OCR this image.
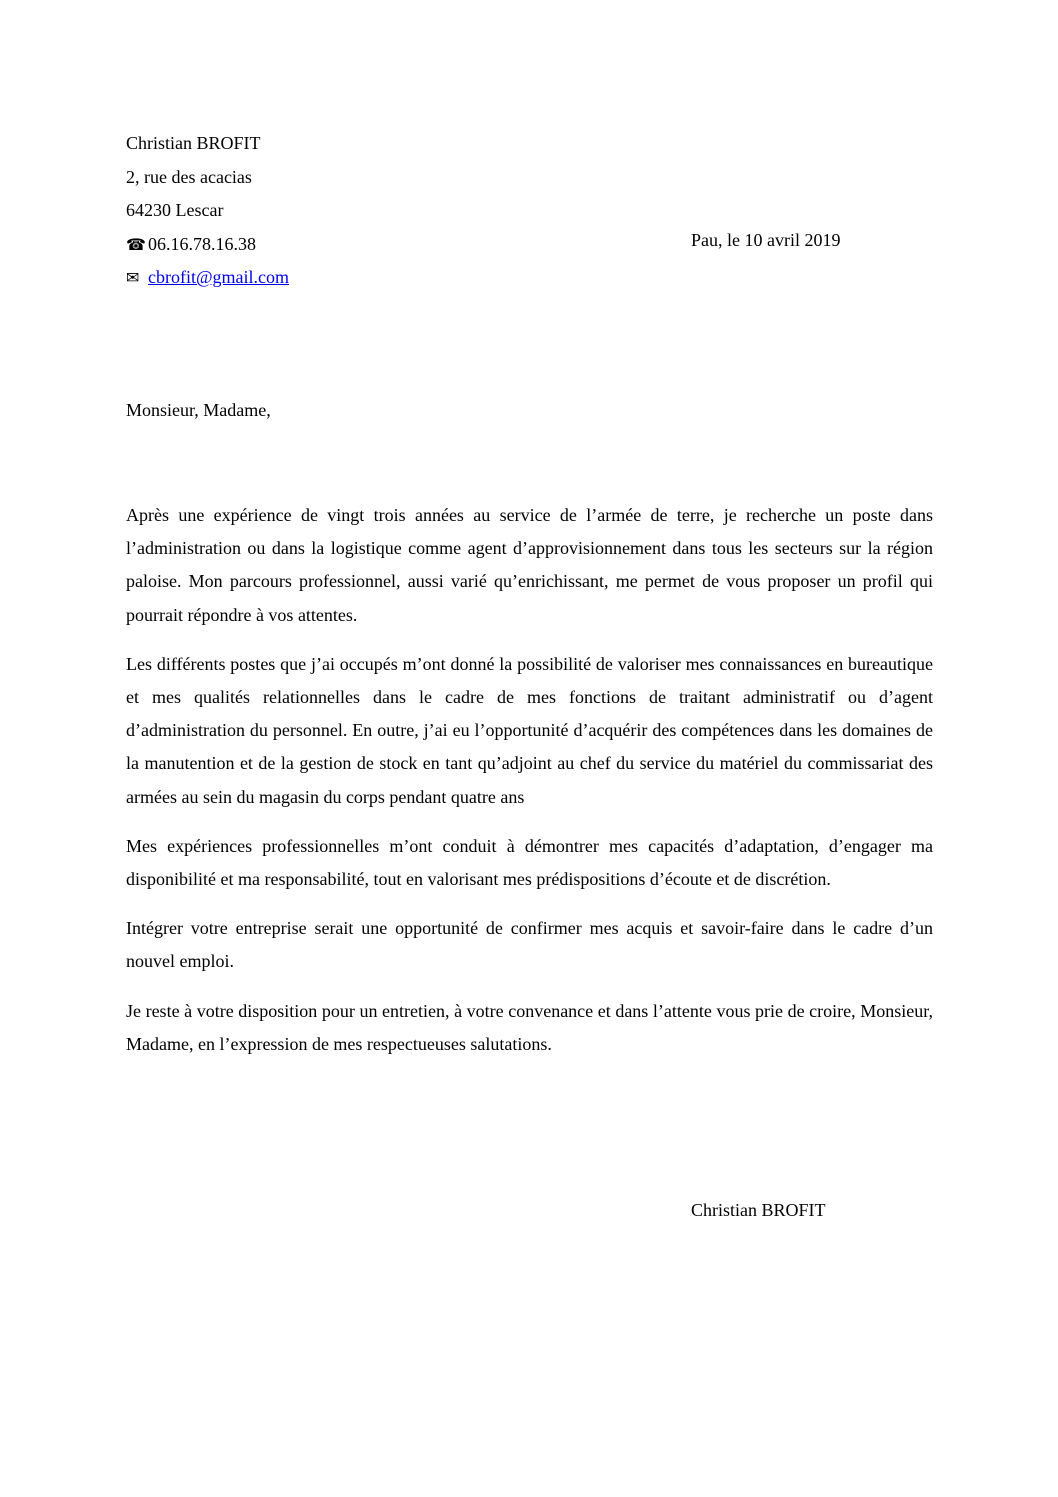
Christian BROFIT
2, rue des acacias
64230 Lescar
☎ 06.16.78.16.38
✉ cbrofit@gmail.com
Pau, le 10 avril 2019
Monsieur, Madame,

Après une expérience de vingt trois années au service de l’armée de terre, je recherche un poste dans l’administration ou dans la logistique comme agent d’approvisionnement dans tous les secteurs sur la région paloise. Mon parcours professionnel, aussi varié qu’enrichissant, me permet de vous proposer un profil qui pourrait répondre à vos attentes.

Les différents postes que j’ai occupés m’ont donné la possibilité de valoriser mes connaissances en bureautique et mes qualités relationnelles dans le cadre de mes fonctions de traitant administratif ou d’agent d’administration du personnel. En outre, j’ai eu l’opportunité d’acquérir des compétences dans les domaines de la manutention et de la gestion de stock en tant qu’adjoint au chef du service du matériel du commissariat des armées au sein du magasin du corps pendant quatre ans

Mes expériences professionnelles m’ont conduit à démontrer mes capacités d’adaptation, d’engager ma disponibilité et ma responsabilité, tout en valorisant mes prédispositions d’écoute et de discrétion.

Intégrer votre entreprise serait une opportunité de confirmer mes acquis et savoir-faire dans le cadre d’un nouvel emploi.

Je reste à votre disposition pour un entretien, à votre convenance et dans l’attente vous prie de croire, Monsieur, Madame, en l’expression de mes respectueuses salutations.

Christian BROFIT
